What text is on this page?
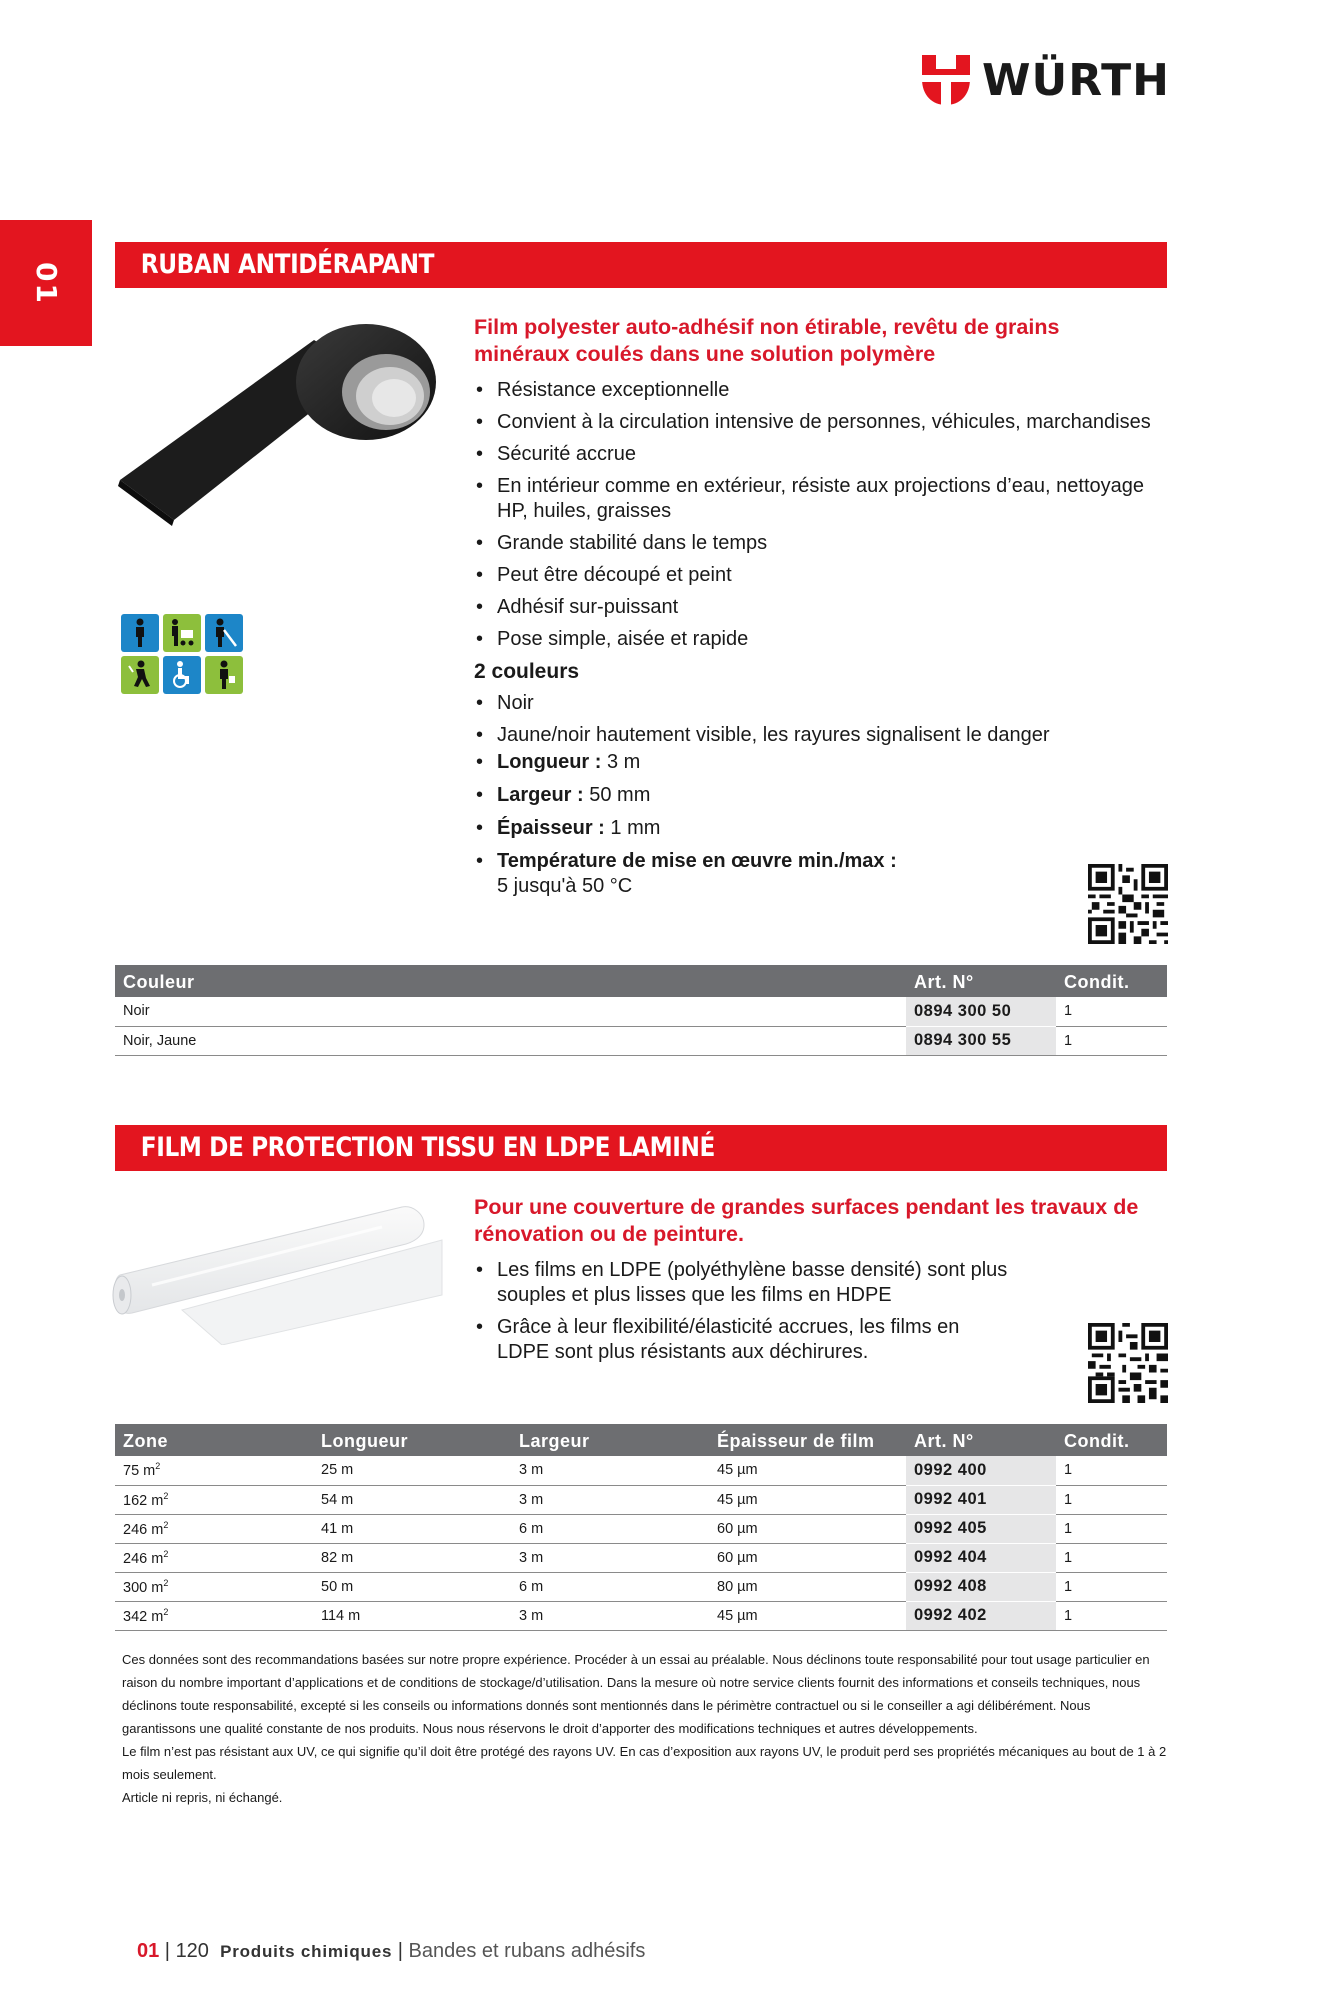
WÜRTH
01	RUBAN ANTIDÉRAPANT
Film polyester auto-adhésif non étirable, revêtu de grains minéraux coulés dans une solution polymère
• Résistance exceptionnelle
• Convient à la circulation intensive de personnes, véhicules, marchandises
• Sécurité accrue
• En intérieur comme en extérieur, résiste aux projections d’eau, nettoyage HP, huiles, graisses
• Grande stabilité dans le temps
• Peut être découpé et peint
• Adhésif sur-puissant
• Pose simple, aisée et rapide
2 couleurs
• Noir
• Jaune/noir hautement visible, les rayures signalisent le danger
• Longueur : 3 m
• Largeur : 50 mm
• Épaisseur : 1 mm
• Température de mise en œuvre min./max :
5 jusqu'à 50 °C
Couleur	Art. N°	Condit.
Noir	0894 300 50	1
Noir, Jaune	0894 300 55	1
FILM DE PROTECTION TISSU EN LDPE LAMINÉ
Pour une couverture de grandes surfaces pendant les travaux de rénovation ou de peinture.
• Les films en LDPE (polyéthylène basse densité) sont plus souples et plus lisses que les films en HDPE
• Grâce à leur flexibilité/élasticité accrues, les films en LDPE sont plus résistants aux déchirures.
Zone	Longueur	Largeur	Épaisseur de film	Art. N°	Condit.
75 $m^2$	25 m	3 m	45 µm	0992 400	1
162 $m^2$	54 m	3 m	45 µm	0992 401	1
246 $m^2$	41 m	6 m	60 µm	0992 405	1
246 $m^2$	82 m	3 m	60 µm	0992 404	1
300 $m^2$	50 m	6 m	80 µm	0992 408	1
342 $m^2$	114 m	3 m	45 µm	0992 402	1

Ces données sont des recommandations basées sur notre propre expérience. Procéder à un essai au préalable. Nous déclinons toute responsabilité pour tout usage particulier en raison du nombre important d’applications et de conditions de stockage/d’utilisation. Dans la mesure où notre service clients fournit des informations et conseils techniques, nous déclinons toute responsabilité, excepté si les conseils ou informations donnés sont mentionnés dans le périmètre contractuel ou si le conseiller a agi délibérément. Nous garantissons une qualité constante de nos produits. Nous nous réservons le droit d’apporter des modifications techniques et autres développements.

Le film n’est pas résistant aux UV, ce qui signifie qu’il doit être protégé des rayons UV. En cas d’exposition aux rayons UV, le produit perd ses propriétés mécaniques au bout de 1 à 2 mois seulement.

Article ni repris, ni échangé.

01 | 120 Produits chimiques | Bandes et rubans adhésifs
